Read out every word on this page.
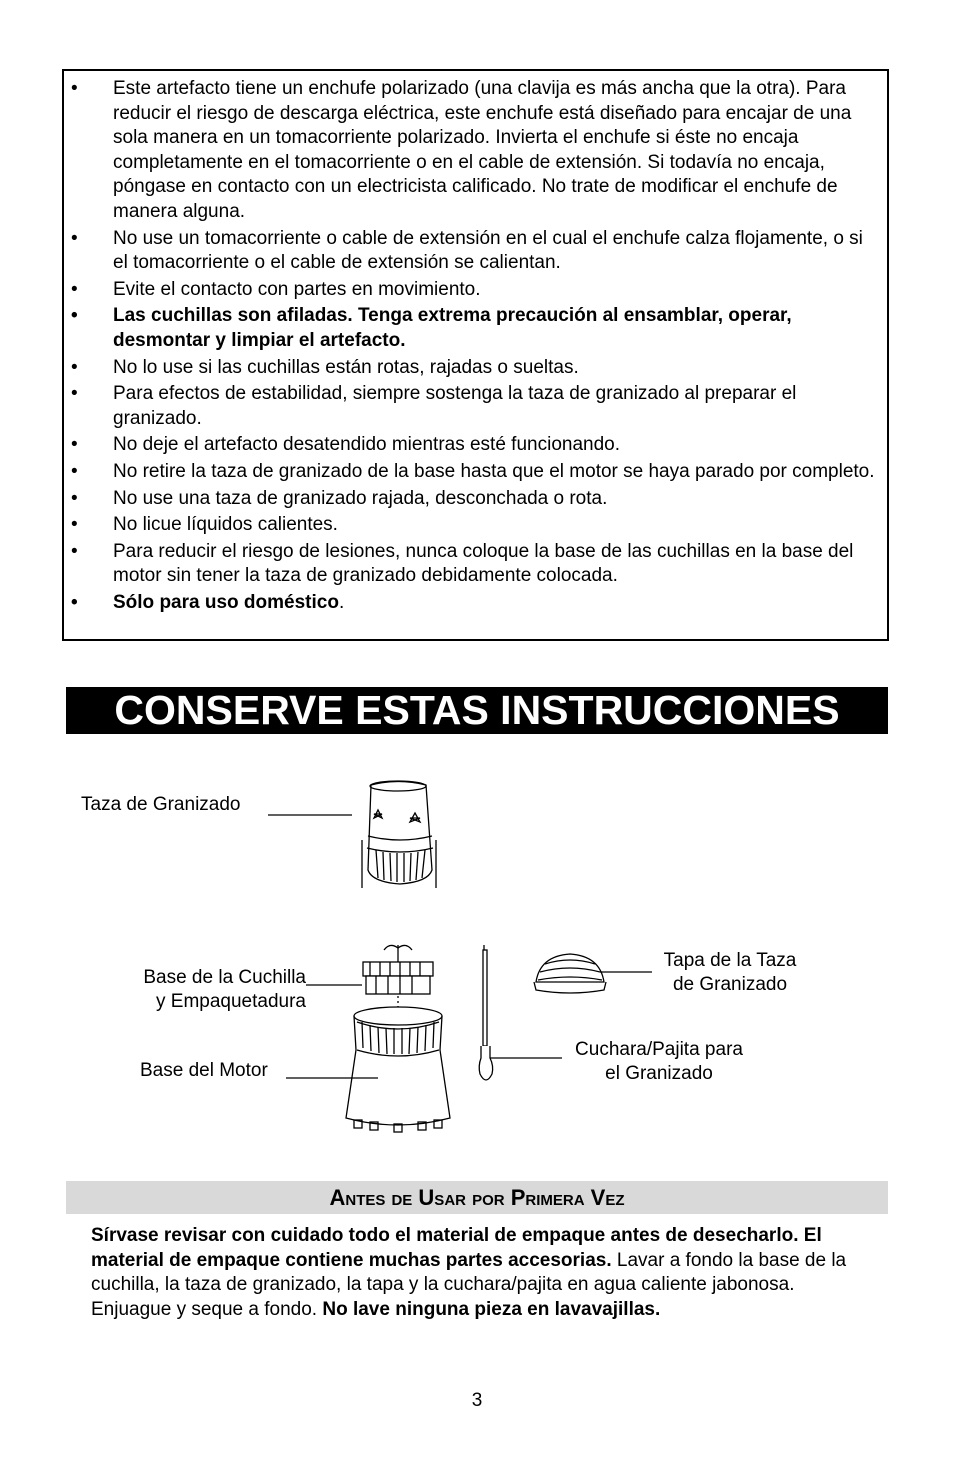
• Este artefacto tiene un enchufe polarizado (una clavija es más ancha que la otra). Para reducir el riesgo de descarga eléctrica, este enchufe está diseñado para encajar de una sola manera en un tomacorriente polarizado. Invierta el enchufe si éste no encaja completamente en el tomacorriente o en el cable de extensión. Si todavía no encaja, póngase en contacto con un electricista calificado. No trate de modificar el enchufe de manera alguna.
• No use un tomacorriente o cable de extensión en el cual el enchufe calza flojamente, o si el tomacorriente o el cable de extensión se calientan.
• Evite el contacto con partes en movimiento.
• Las cuchillas son afiladas. Tenga extrema precaución al ensamblar, operar, desmontar y limpiar el artefacto.
• No lo use si las cuchillas están rotas, rajadas o sueltas.
• Para efectos de estabilidad, siempre sostenga la taza de granizado al preparar el granizado.
• No deje el artefacto desatendido mientras esté funcionando.
• No retire la taza de granizado de la base hasta que el motor se haya parado por completo.
• No use una taza de granizado rajada, desconchada o rota.
• No licue líquidos calientes.
• Para reducir el riesgo de lesiones, nunca coloque la base de las cuchillas en la base del motor sin tener la taza de granizado debidamente colocada.
• Sólo para uso doméstico.
CONSERVE ESTAS INSTRUCCIONES
Taza de Granizado
Base de la Cuchilla
y Empaquetadura
Base del Motor
Tapa de la Taza
de Granizado
Cuchara/Pajita para
el Granizado
Antes de Usar por Primera Vez
Sírvase revisar con cuidado todo el material de empaque antes de desecharlo. El material de empaque contiene muchas partes accesorias. Lavar a fondo la base de la cuchilla, la taza de granizado, la tapa y la cuchara/pajita en agua caliente jabonosa. Enjuague y seque a fondo. No lave ninguna pieza en lavavajillas.
3
